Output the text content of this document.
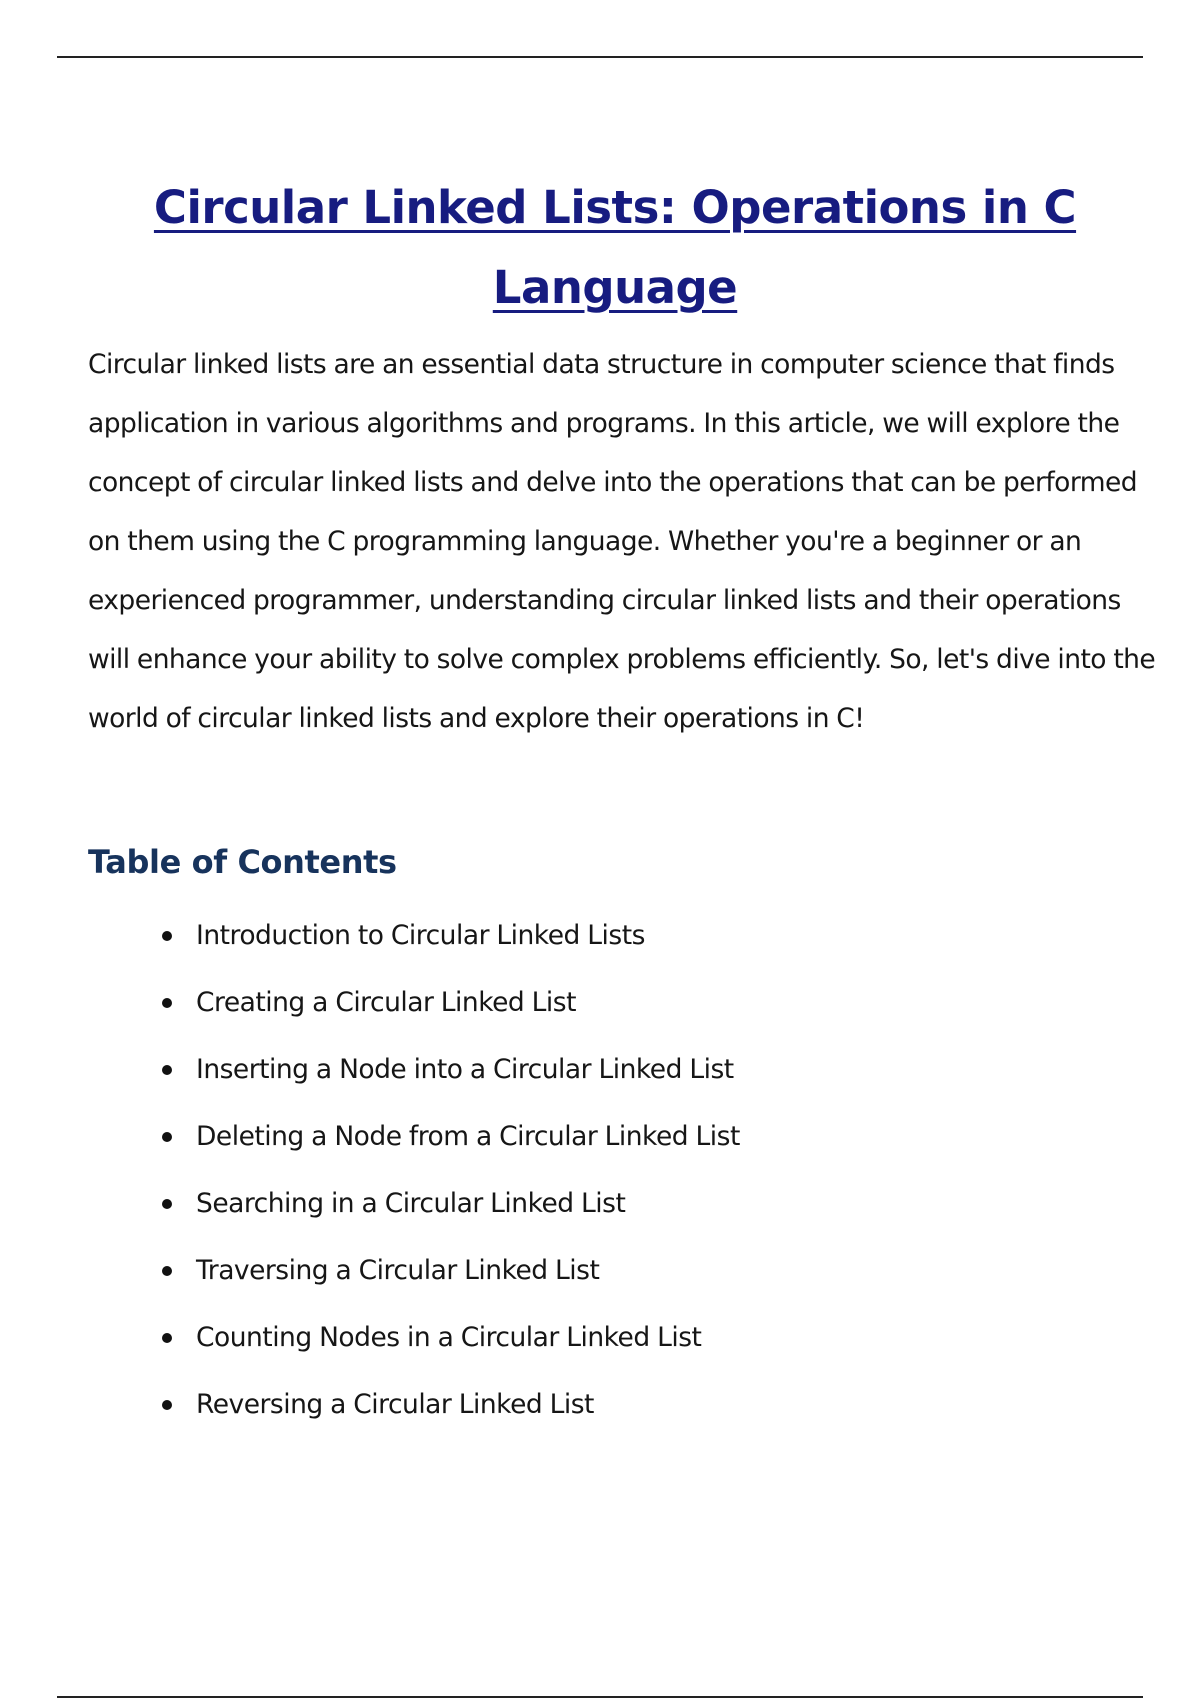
Circular Linked Lists: Operations in C Language

Circular linked lists are an essential data structure in computer science that finds application in various algorithms and programs. In this article, we will explore the concept of circular linked lists and delve into the operations that can be performed on them using the C programming language. Whether you're a beginner or an experienced programmer, understanding circular linked lists and their operations will enhance your ability to solve complex problems efficiently. So, let's dive into the world of circular linked lists and explore their operations in C!

Table of Contents
Introduction to Circular Linked Lists
Creating a Circular Linked List
Inserting a Node into a Circular Linked List
Deleting a Node from a Circular Linked List
Searching in a Circular Linked List
Traversing a Circular Linked List
Counting Nodes in a Circular Linked List
Reversing a Circular Linked List
